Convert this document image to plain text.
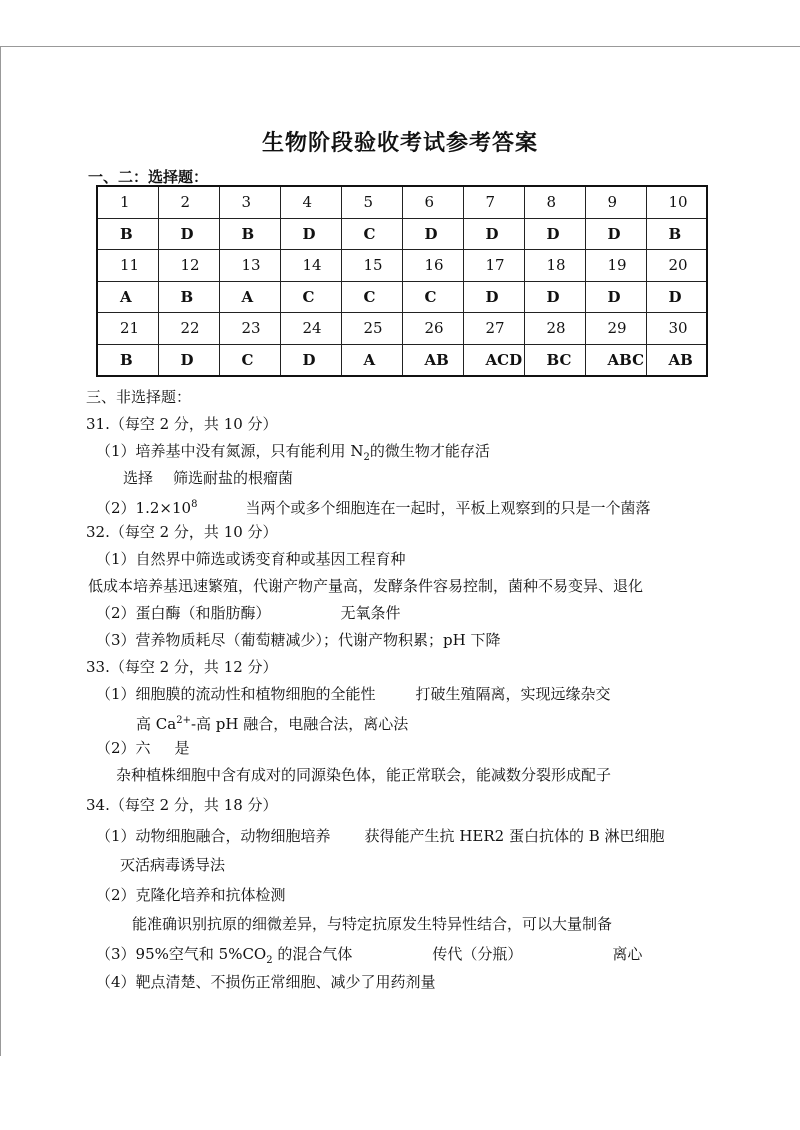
生物阶段验收考试参考答案
一、二：选择题：
1	2	3	4	5	6	7	8	9	10
B	D	B	D	C	D	D	D	D	B
11	12	13	14	15	16	17	18	19	20
A	B	A	C	C	C	D	D	D	D
21	22	23	24	25	26	27	28	29	30
B	D	C	D	A	AB	ACD	BC	ABC	AB
三、非选择题：
31.（每空 2 分，共 10 分）
（1）培养基中没有氮源，只有能利用 $N_2$的微生物才能存活
选择 筛选耐盐的根瘤菌
$(2)1.2\times 10^8$	当两个或多个细胞连在一起时，平板上观察到的只是一个菌落
32.（每空 2 分，共 10 分）
（1）自然界中筛选或诱变育种或基因工程育种
低成本培养基迅速繁殖，代谢产物产量高，发酵条件容易控制，菌种不易变异、退化
（2）蛋白酶（和脂肪酶）	无氧条件
（3）营养物质耗尽（葡萄糖减少）；代谢产物积累；pH 下降
33.（每空 2 分，共 12 分）
（1）细胞膜的流动性和植物细胞的全能性	打破生殖隔离，实现远缘杂交
高 $Ca^{2+}-$高 pH 融合，电融合法，离心法
（2）六 是
杂种植株细胞中含有成对的同源染色体，能正常联会，能减数分裂形成配子
34.（每空 2 分，共 18 分）
（1）动物细胞融合，动物细胞培养 获得能产生抗 HER2 蛋白抗体的 B 淋巴细胞
灭活病毒诱导法
（2）克隆化培养和抗体检测
能准确识别抗原的细微差异，与特定抗原发生特异性结合，可以大量制备
（3）95%空气和 $5\%CO_2$ 的混合气体	传代（分瓶）	离心
（4）靶点清楚、不损伤正常细胞、减少了用药剂量
